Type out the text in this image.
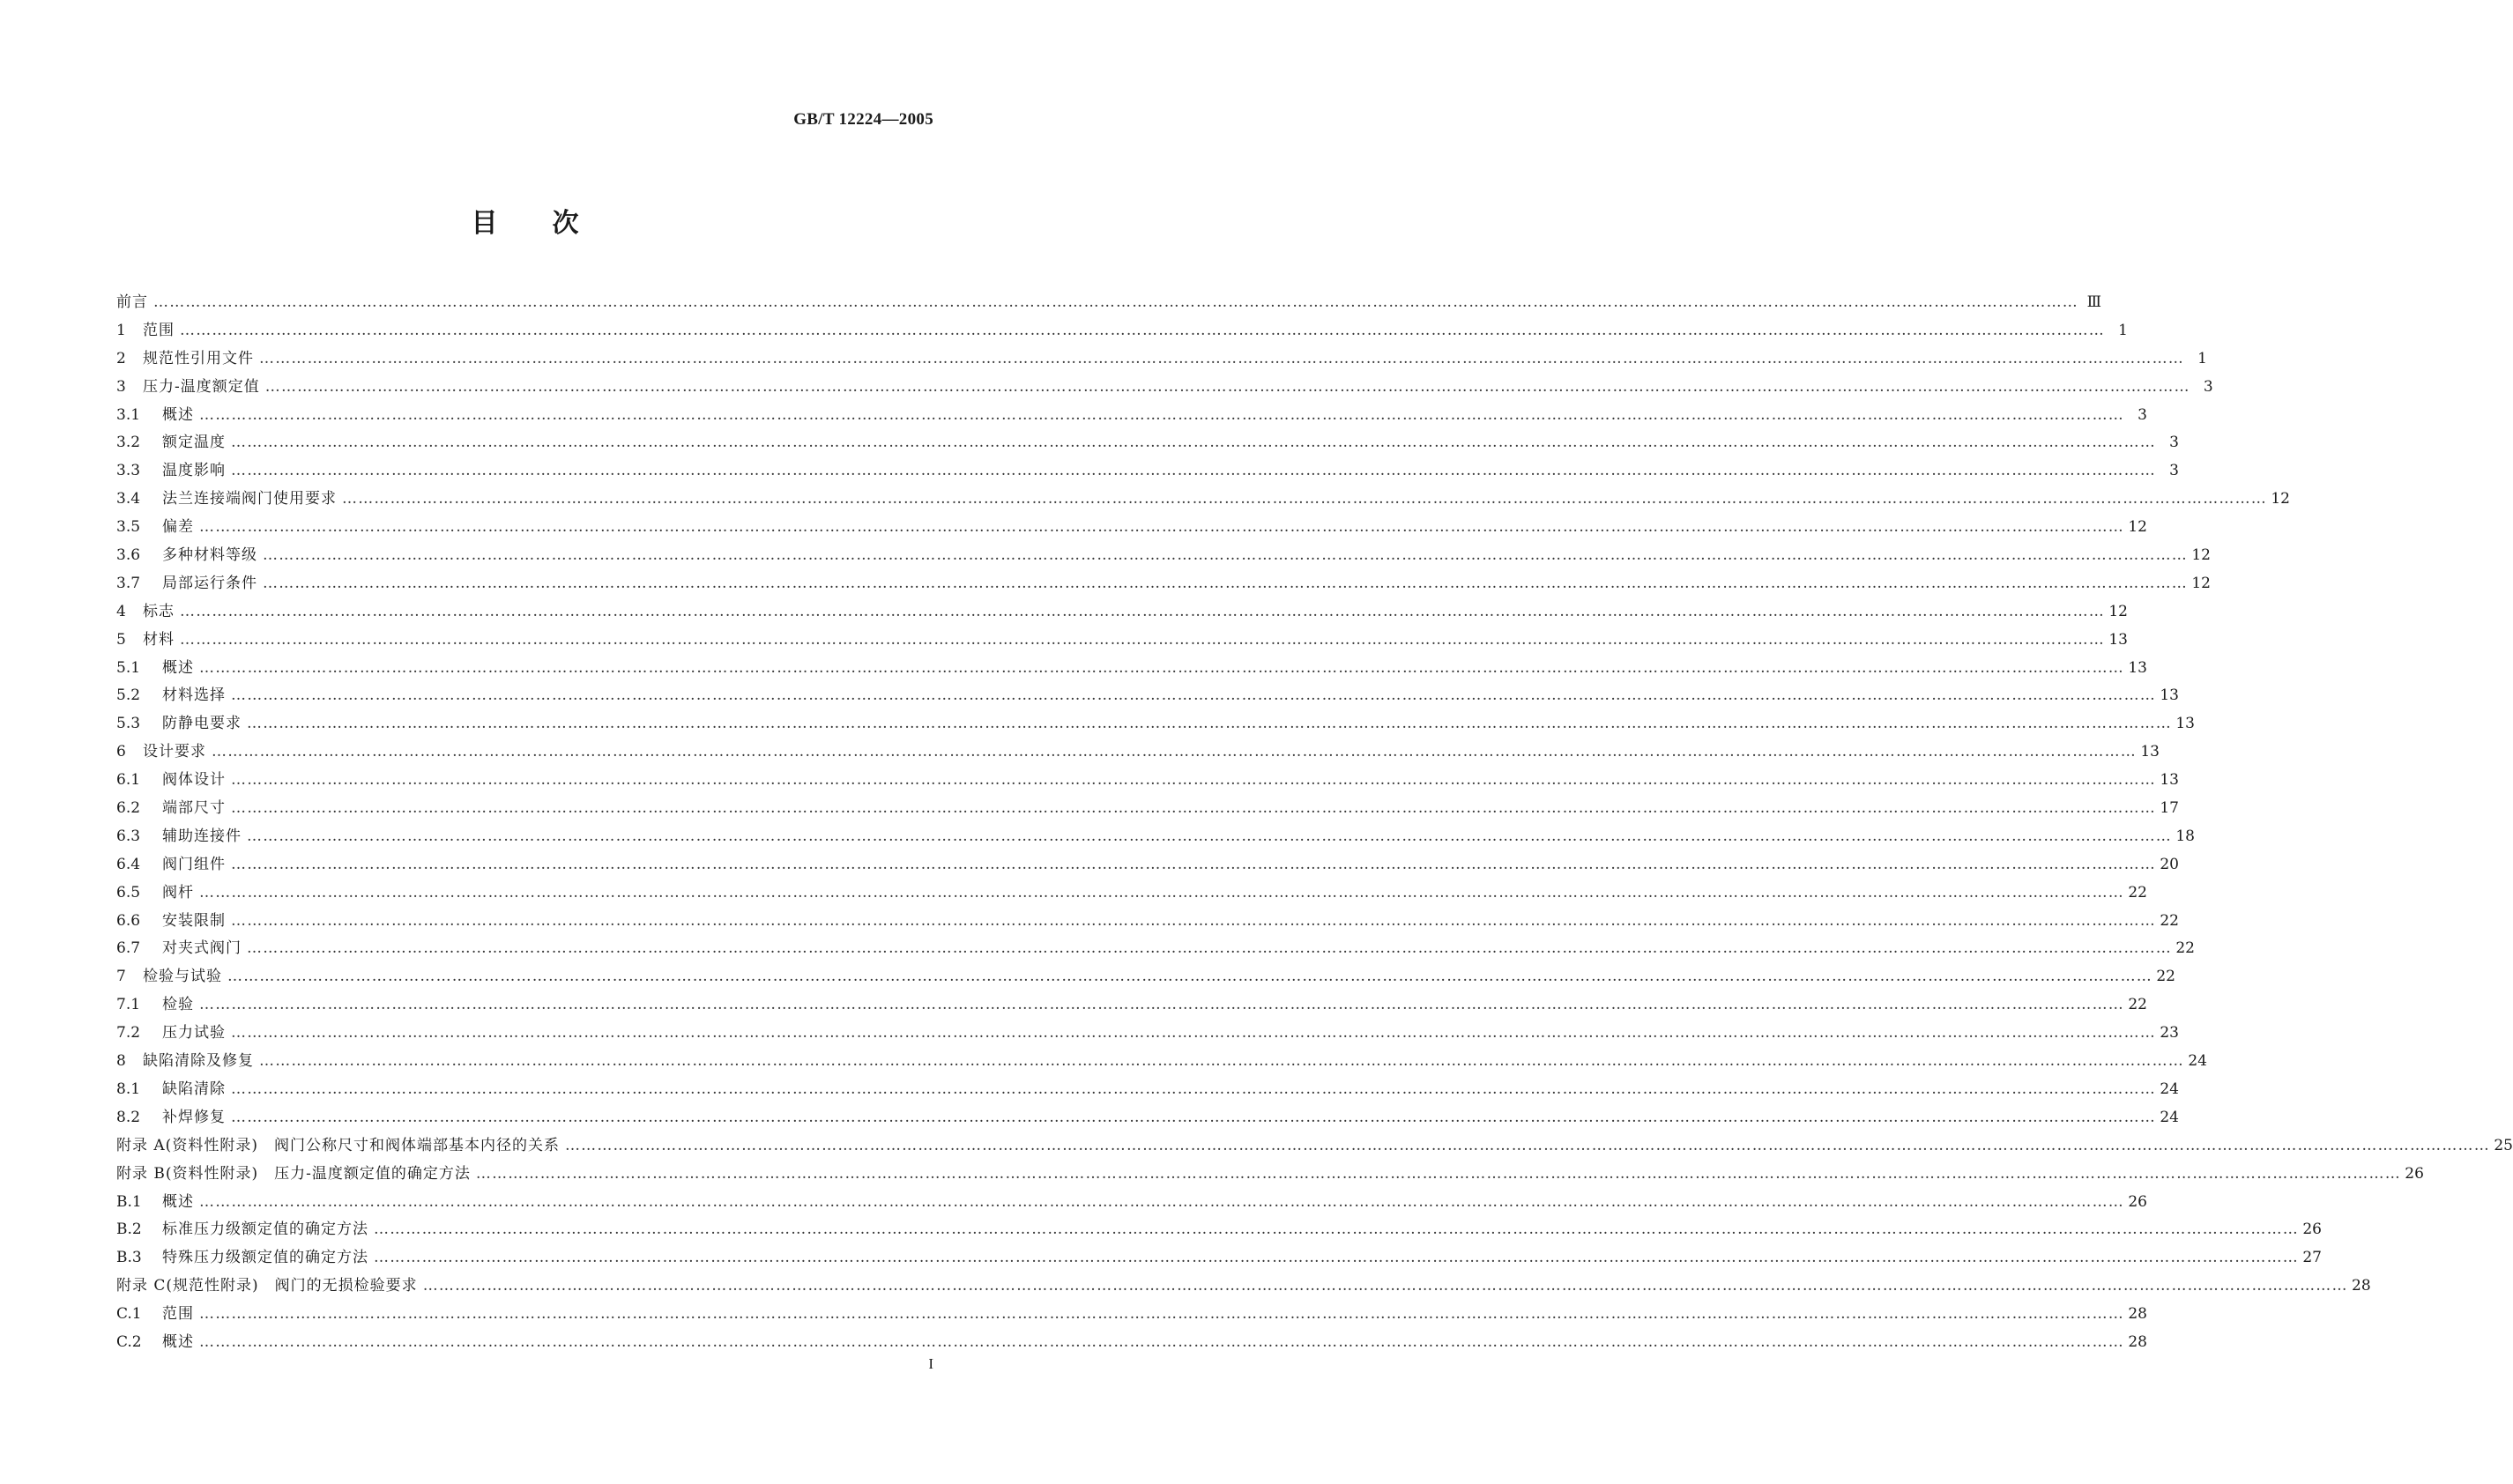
GB/T 12224—2005
目次
前言 ……………………………………………………………………………………………………………………………………………………………………………………………………………………………………………………………………………………………………………………………… Ⅲ
1	范围 ……………………………………………………………………………………………………………………………………………………………………………………………………………………………………………………………………………………………………………………………… 1
2	规范性引用文件 ……………………………………………………………………………………………………………………………………………………………………………………………………………………………………………………………………………………………………………………………… 1
3	压力-温度额定值 ……………………………………………………………………………………………………………………………………………………………………………………………………………………………………………………………………………………………………………………………… 3
3.1	概述 ……………………………………………………………………………………………………………………………………………………………………………………………………………………………………………………………………………………………………………………………… 3
3.2	额定温度 ……………………………………………………………………………………………………………………………………………………………………………………………………………………………………………………………………………………………………………………………… 3
3.3	温度影响 ……………………………………………………………………………………………………………………………………………………………………………………………………………………………………………………………………………………………………………………………… 3
3.4	法兰连接端阀门使用要求 ……………………………………………………………………………………………………………………………………………………………………………………………………………………………………………………………………………………………………………………………… 12
3.5	偏差 ……………………………………………………………………………………………………………………………………………………………………………………………………………………………………………………………………………………………………………………………… 12
3.6	多种材料等级 ……………………………………………………………………………………………………………………………………………………………………………………………………………………………………………………………………………………………………………………………… 12
3.7	局部运行条件 ……………………………………………………………………………………………………………………………………………………………………………………………………………………………………………………………………………………………………………………………… 12
4	标志 ……………………………………………………………………………………………………………………………………………………………………………………………………………………………………………………………………………………………………………………………… 12
5	材料 ……………………………………………………………………………………………………………………………………………………………………………………………………………………………………………………………………………………………………………………………… 13
5.1	概述 ……………………………………………………………………………………………………………………………………………………………………………………………………………………………………………………………………………………………………………………………… 13
5.2	材料选择 ……………………………………………………………………………………………………………………………………………………………………………………………………………………………………………………………………………………………………………………………… 13
5.3	防静电要求 ……………………………………………………………………………………………………………………………………………………………………………………………………………………………………………………………………………………………………………………………… 13
6	设计要求 ……………………………………………………………………………………………………………………………………………………………………………………………………………………………………………………………………………………………………………………………… 13
6.1	阀体设计 ……………………………………………………………………………………………………………………………………………………………………………………………………………………………………………………………………………………………………………………………… 13
6.2	端部尺寸 ……………………………………………………………………………………………………………………………………………………………………………………………………………………………………………………………………………………………………………………………… 17
6.3	辅助连接件 ……………………………………………………………………………………………………………………………………………………………………………………………………………………………………………………………………………………………………………………………… 18
6.4	阀门组件 ……………………………………………………………………………………………………………………………………………………………………………………………………………………………………………………………………………………………………………………………… 20
6.5	阀杆 ……………………………………………………………………………………………………………………………………………………………………………………………………………………………………………………………………………………………………………………………… 22
6.6	安装限制 ……………………………………………………………………………………………………………………………………………………………………………………………………………………………………………………………………………………………………………………………… 22
6.7	对夹式阀门 ……………………………………………………………………………………………………………………………………………………………………………………………………………………………………………………………………………………………………………………………… 22
7	检验与试验 ……………………………………………………………………………………………………………………………………………………………………………………………………………………………………………………………………………………………………………………………… 22
7.1	检验 ……………………………………………………………………………………………………………………………………………………………………………………………………………………………………………………………………………………………………………………………… 22
7.2	压力试验 ……………………………………………………………………………………………………………………………………………………………………………………………………………………………………………………………………………………………………………………………… 23
8	缺陷清除及修复 ……………………………………………………………………………………………………………………………………………………………………………………………………………………………………………………………………………………………………………………………… 24
8.1	缺陷清除 ……………………………………………………………………………………………………………………………………………………………………………………………………………………………………………………………………………………………………………………………… 24
8.2	补焊修复 ……………………………………………………………………………………………………………………………………………………………………………………………………………………………………………………………………………………………………………………………… 24
附录 A(资料性附录)　阀门公称尺寸和阀体端部基本内径的关系 ……………………………………………………………………………………………………………………………………………………………………………………………………………………………………………………………………………………………………………………………… 25
附录 B(资料性附录)　压力-温度额定值的确定方法 ……………………………………………………………………………………………………………………………………………………………………………………………………………………………………………………………………………………………………………………………… 26
B.1	概述 ……………………………………………………………………………………………………………………………………………………………………………………………………………………………………………………………………………………………………………………………… 26
B.2	标准压力级额定值的确定方法 ……………………………………………………………………………………………………………………………………………………………………………………………………………………………………………………………………………………………………………………………… 26
B.3	特殊压力级额定值的确定方法 ……………………………………………………………………………………………………………………………………………………………………………………………………………………………………………………………………………………………………………………………… 27
附录 C(规范性附录)　阀门的无损检验要求 ……………………………………………………………………………………………………………………………………………………………………………………………………………………………………………………………………………………………………………………………… 28
C.1	范围 ……………………………………………………………………………………………………………………………………………………………………………………………………………………………………………………………………………………………………………………………… 28
C.2	概述 ……………………………………………………………………………………………………………………………………………………………………………………………………………………………………………………………………………………………………………………………… 28
I
